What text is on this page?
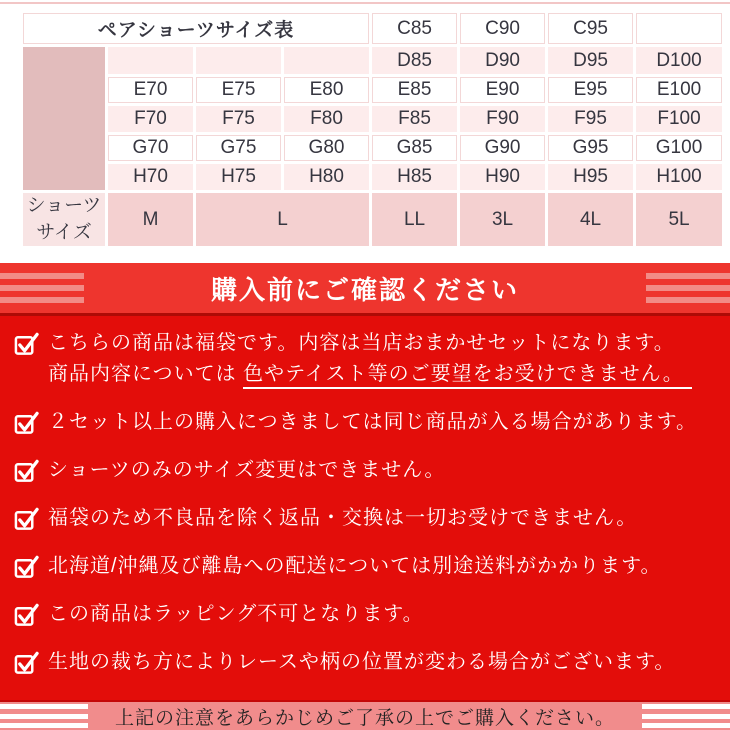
ペアショーツサイズ表				C85	C90	C95	
				D85	D90	D95	D100
	E70	E75	E80	E85	E90	E95	E100
	F70	F75	F80	F85	F90	F95	F100
	G70	G75	G80	G85	G90	G95	G100
	H70	H75	H80	H85	H90	H95	H100
ショーツ
サイズ	M	L		LL	3L	4L	5L
購入前にご確認ください
こちらの商品は福袋です。内容は当店おまかせセットになります。
商品内容については 色やテイスト等のご要望をお受けできません。
２セット以上の購入につきましては同じ商品が入る場合があります。
ショーツのみのサイズ変更はできません。
福袋のため不良品を除く返品・交換は一切お受けできません。
北海道/沖縄及び離島への配送については別途送料がかかります。
この商品はラッピング不可となります。
生地の裁ち方によりレースや柄の位置が変わる場合がございます。
上記の注意をあらかじめご了承の上でご購入ください。
